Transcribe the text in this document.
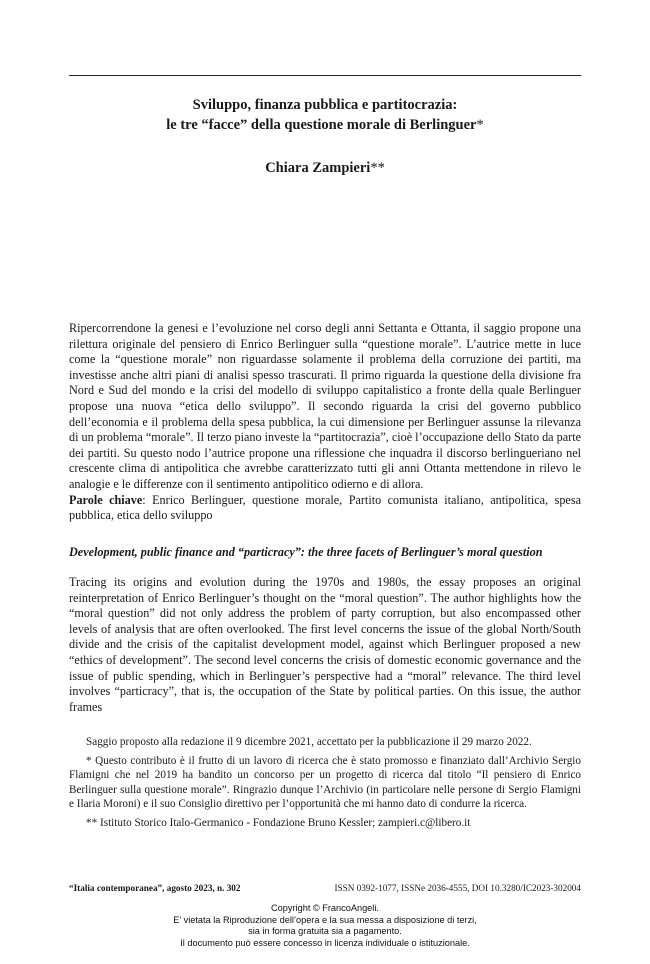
Sviluppo, finanza pubblica e partitocrazia:
le tre “facce” della questione morale di Berlinguer*
Chiara Zampieri**

Ripercorrendone la genesi e l’evoluzione nel corso degli anni Settanta e Ottanta, il saggio propone una rilettura originale del pensiero di Enrico Berlinguer sulla “questione morale”. L’autrice mette in luce come la “questione morale” non riguardasse solamente il problema della corruzione dei partiti, ma investisse anche altri piani di analisi spesso trascurati. Il primo riguarda la questione della divisione fra Nord e Sud del mondo e la crisi del modello di sviluppo capitalistico a fronte della quale Berlinguer propose una nuova “etica dello sviluppo”. Il secondo riguarda la crisi del governo pubblico dell’economia e il problema della spesa pubblica, la cui dimensione per Berlinguer assunse la rilevanza di un problema “morale”. Il terzo piano investe la “partitocrazia”, cioè l’occupazione dello Stato da parte dei partiti. Su questo nodo l’autrice propone una riflessione che inquadra il discorso berlingueriano nel crescente clima di antipolitica che avrebbe caratterizzato tutti gli anni Ottanta mettendone in rilevo le analogie e le differenze con il sentimento antipolitico odierno e di allora.

Parole chiave: Enrico Berlinguer, questione morale, Partito comunista italiano, antipolitica, spesa pubblica, etica dello sviluppo

Development, public finance and “particracy”: the three facets of Berlinguer’s moral question
Tracing its origins and evolution during the 1970s and 1980s, the essay proposes an original reinterpretation of Enrico Berlinguer’s thought on the “moral question”. The author highlights how the “moral question” did not only address the problem of party corruption, but also encompassed other levels of analysis that are often overlooked. The first level concerns the issue of the global North/South divide and the crisis of the capitalist development model, against which Berlinguer proposed a new “ethics of development”. The second level concerns the crisis of domestic economic governance and the issue of public spending, which in Berlinguer’s perspective had a “moral” relevance. The third level involves “particracy”, that is, the occupation of the State by political parties. On this issue, the author frames

Saggio proposto alla redazione il 9 dicembre 2021, accettato per la pubblicazione il 29 marzo 2022.

* Questo contributo è il frutto di un lavoro di ricerca che è stato promosso e finanziato dall’Archivio Sergio Flamigni che nel 2019 ha bandito un concorso per un progetto di ricerca dal titolo “Il pensiero di Enrico Berlinguer sulla questione morale”. Ringrazio dunque l’Archivio (in particolare nelle persone di Sergio Flamigni e Ilaria Moroni) e il suo Consiglio direttivo per l’opportunità che mi hanno dato di condurre la ricerca.

** Istituto Storico Italo-Germanico - Fondazione Bruno Kessler; zampieri.c@libero.it

“Italia contemporanea”, agosto 2023, n. 302	ISSN 0392-1077, ISSNe 2036-4555, DOI 10.3280/IC2023-302004
Copyright © FrancoAngeli.
E’ vietata la Riproduzione dell’opera e la sua messa a disposizione di terzi,
sia in forma gratuita sia a pagamento.
Il documento può essere concesso in licenza individuale o istituzionale.
